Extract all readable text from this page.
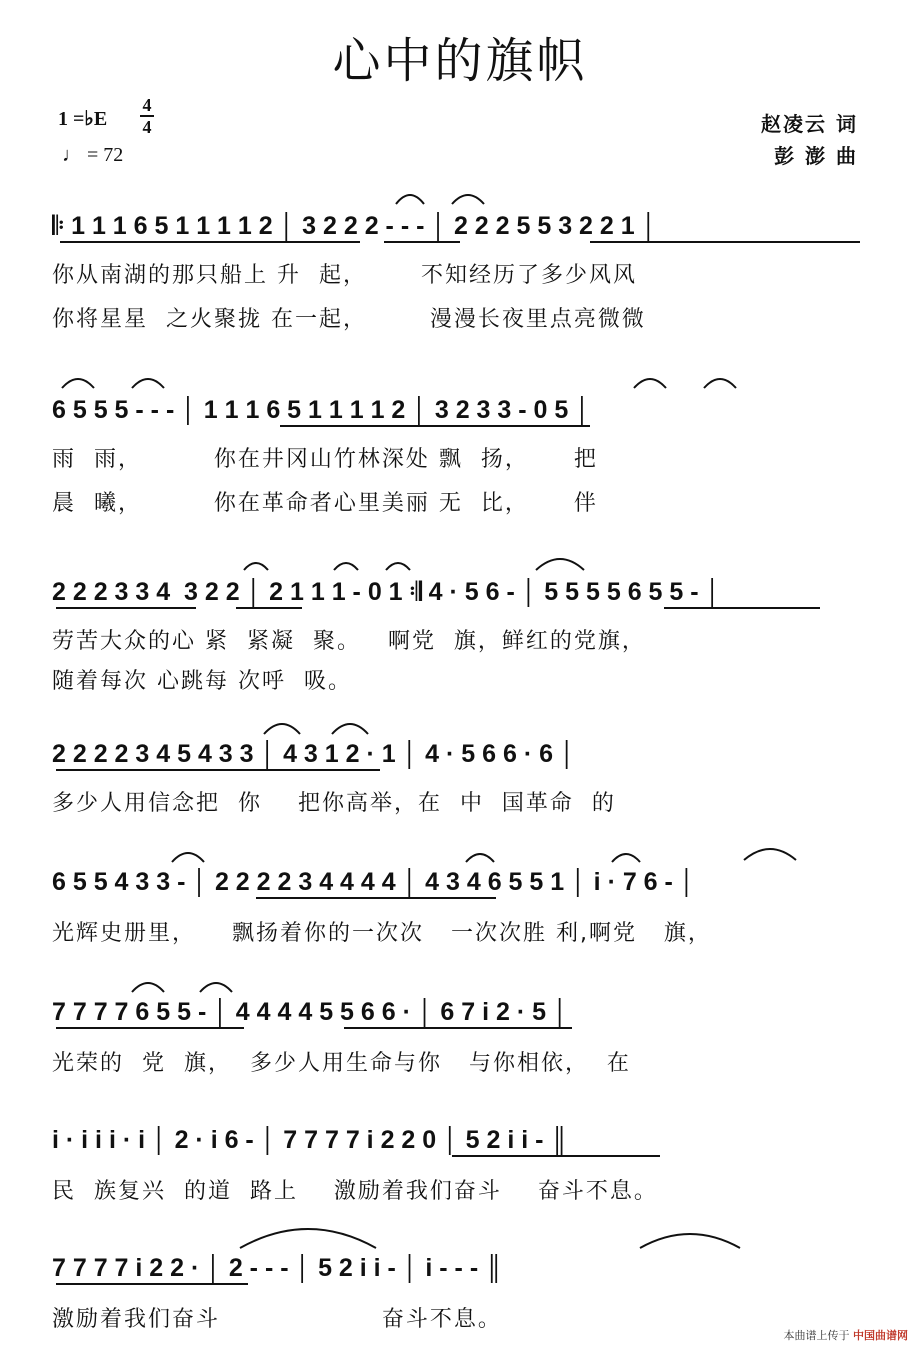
心中的旗帜
1 =♭E
4
4
♩ = 72
赵凌云 词
彭 澎 曲
𝄆 1 1 1 6 5 1 1 1 1 2 │ 3 2 2 2 - - - │ 2 2 2 5 5 3 2 2 1 │
你从南湖的那只船上 升  起，      不知经历了多少风风
你将星星  之火聚拢 在一起，       漫漫长夜里点亮微微
6 5 5 5 - - - │ 1 1 1 6 5 1 1 1 1 2 │ 3 2 3 3 - 0 5 │
雨  雨，        你在井冈山竹林深处 飘  扬，     把
晨  曦，        你在革命者心里美丽 无  比，     伴
2 2 2 3 3 4  3 2 2 │ 2 1 1 1 - 0 1 𝄇 4 · 5 6 - │ 5 5 5 5 6 5 5 - │
劳苦大众的心 紧  紧凝  聚。   啊党  旗，鲜红的党旗，
随着每次 心跳每 次呼  吸。
2 2 2 2 3 4 5 4 3 3 │ 4 3 1 2 · 1 │ 4 · 5 6 6 · 6 │
多少人用信念把  你    把你高举，在  中  国革命  的
6 5 5 4 3 3 - │ 2 2 2 2 3 4 4 4 4 │ 4 3 4 6 5 5 1 │ i · 7 6 - │
光辉史册里，    飘扬着你的一次次   一次次胜 利,啊党   旗，
7 7 7 7 6 5 5 - │ 4 4 4 4 5 5 6 6 · │ 6 7 i 2 · 5 │
光荣的  党  旗，  多少人用生命与你   与你相依，  在
i · i i i · i │ 2 · i 6 - │ 7 7 7 7 i 2 2 0 │ 5 2 i i - ║
民  族复兴  的道  路上    激励着我们奋斗    奋斗不息。
7 7 7 7 i 2 2 · │ 2 - - - │ 5 2 i i - │ i - - - ║
激励着我们奋斗                  奋斗不息。
本曲谱上传于 中国曲谱网
